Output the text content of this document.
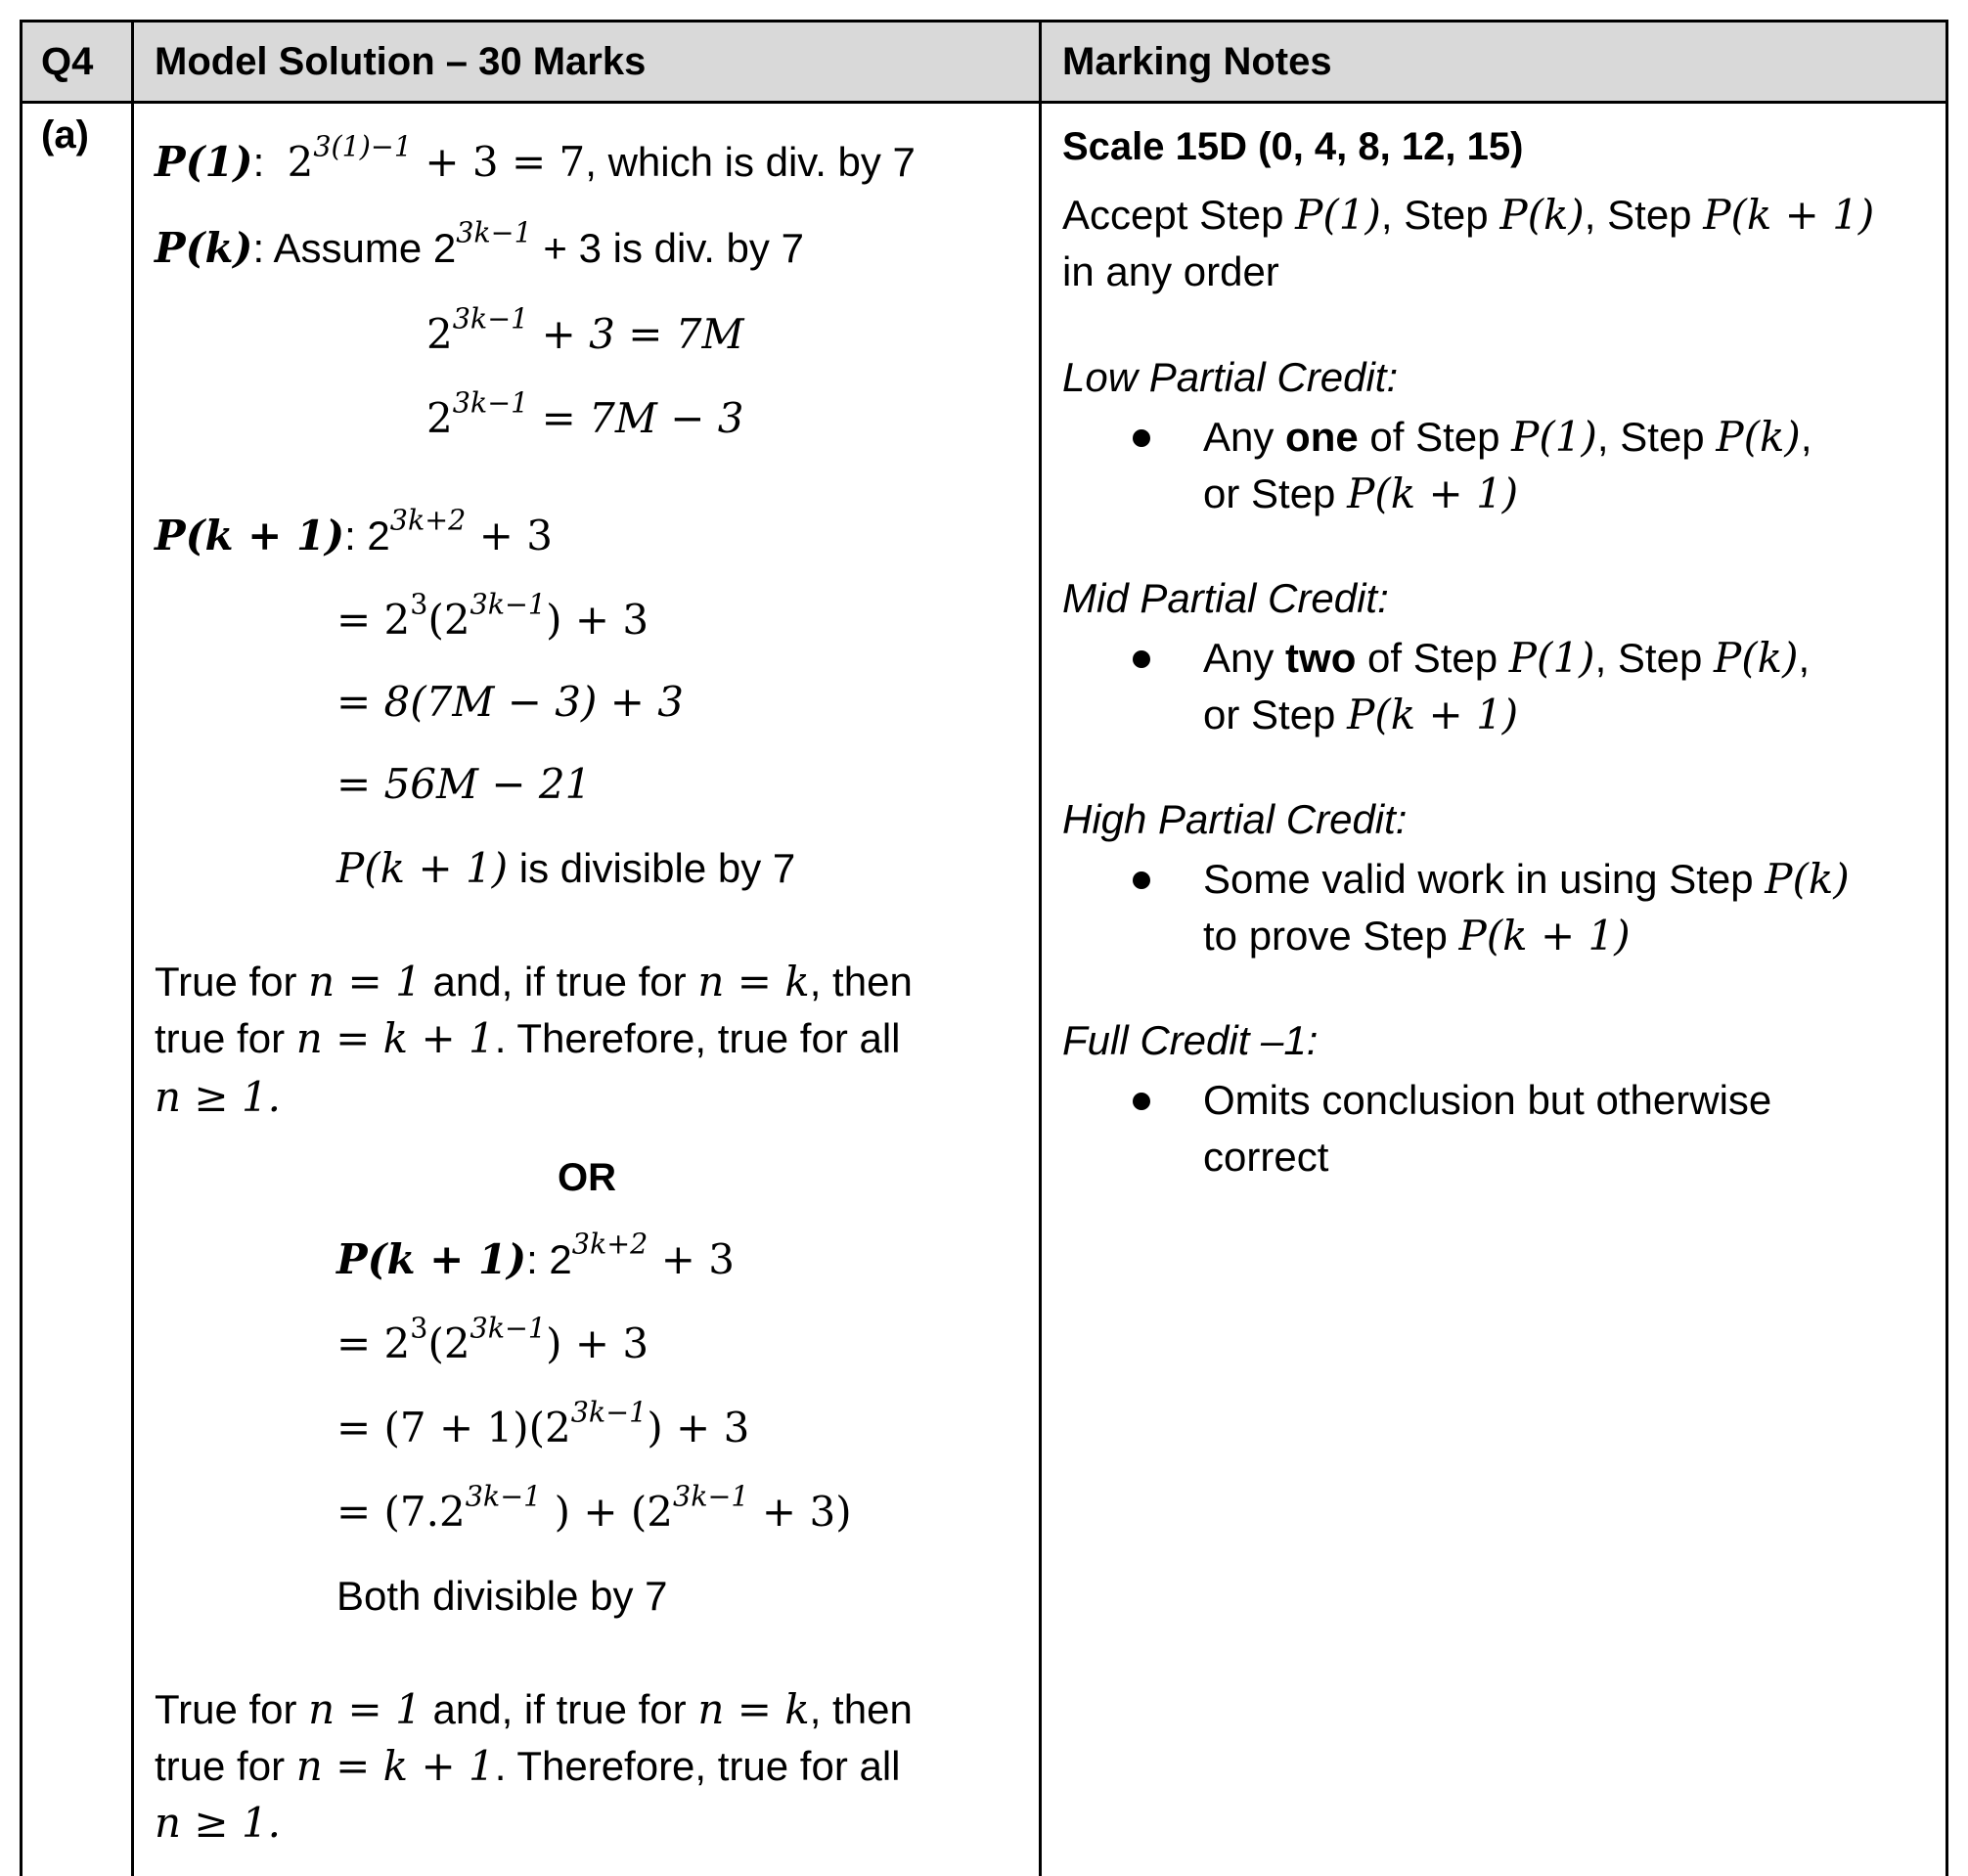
Q4 Model Solution – 30 Marks	Marking Notes
(a)
P(1):  $2^{3(1)-1} + 3 = 7$, which is div. by 7
P(k): Assume $2^{3k-1} + 3$ is div. by 7
$2^{3k-1} + 3 = 7M$
$2^{3k-1} = 7M - 3$
P(k + 1): $2^{3k+2} + 3$
= $2^3(2^{3k-1}) + 3$
= 8(7M − 3) + 3
= 56M − 21
P(k + 1) is divisible by 7
True for n = 1 and, if true for n = k, then
true for n = k + 1. Therefore, true for all
n ≥ 1.
OR
P(k + 1): $2^{3k+2} + 3$
= $2^3(2^{3k-1}) + 3$
= $(7 + 1)(2^{3k-1}) + 3$
= ($7.2^{3k-1}$ ) + $(2^{3k-1} + 3)$
Both divisible by 7
True for n = 1 and, if true for n = k, then
true for n = k + 1. Therefore, true for all
n ≥ 1.
Scale 15D (0, 4, 8, 12, 15)
Accept Step P(1), Step P(k), Step P(k + 1)
in any order
Low Partial Credit:
Any one of Step P(1), Step P(k),
or Step P(k + 1)
Mid Partial Credit:
Any two of Step P(1), Step P(k),
or Step P(k + 1)
High Partial Credit:
Some valid work in using Step P(k)
to prove Step P(k + 1)
Full Credit –1:
Omits conclusion but otherwise
correct
